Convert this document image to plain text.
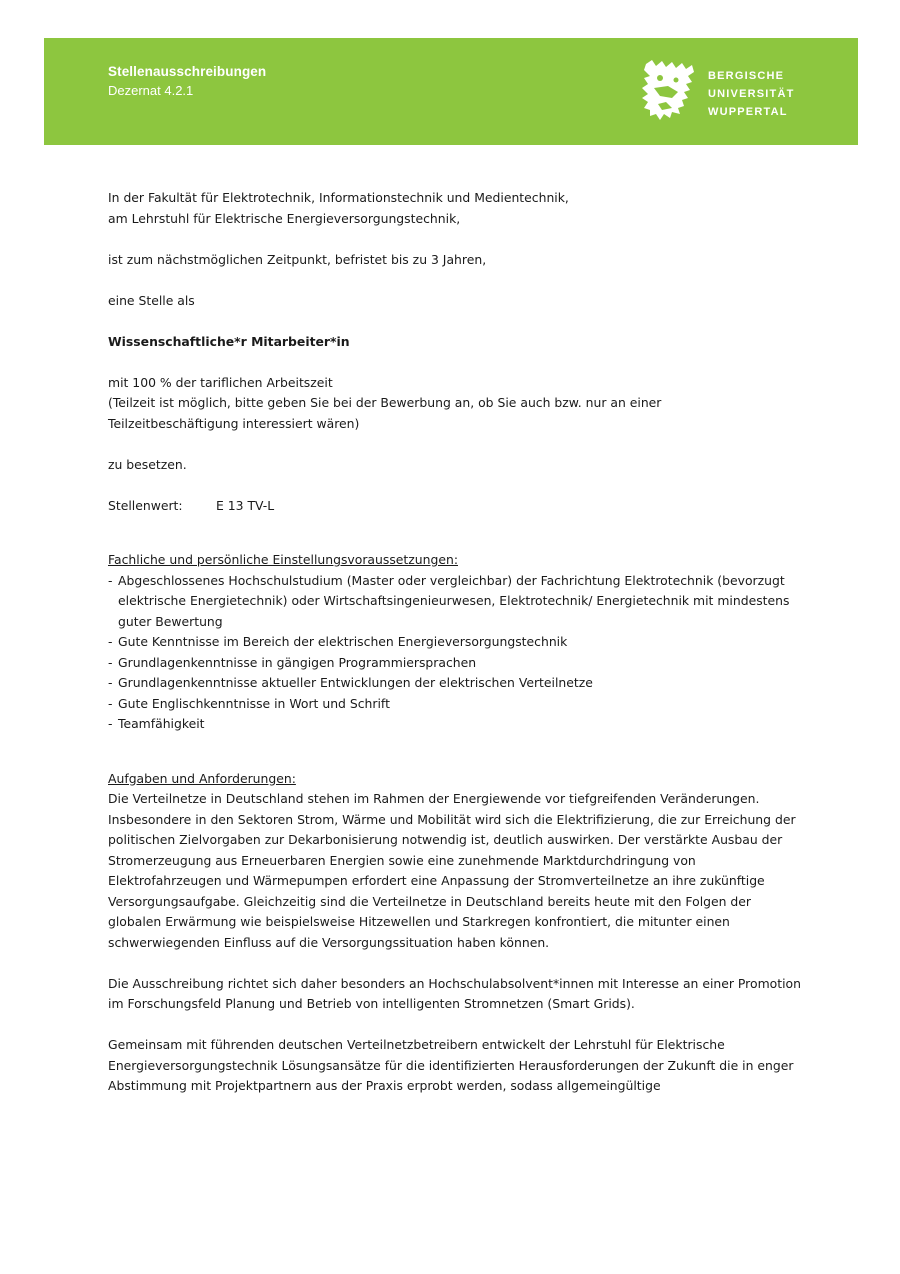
Stellenausschreibungen
Dezernat 4.2.1
BERGISCHE
UNIVERSITÄT
WUPPERTAL

In der Fakultät für Elektrotechnik, Informationstechnik und Medientechnik,

am Lehrstuhl für Elektrische Energieversorgungstechnik,

ist zum nächstmöglichen Zeitpunkt, befristet bis zu 3 Jahren,

eine Stelle als

Wissenschaftliche*r Mitarbeiter*in

mit 100 % der tariflichen Arbeitszeit

(Teilzeit ist möglich, bitte geben Sie bei der Bewerbung an, ob Sie auch bzw. nur an einer

Teilzeitbeschäftigung interessiert wären)

zu besetzen.

Stellenwert:	E 13 TV-L

Fachliche und persönliche Einstellungsvoraussetzungen:

- Abgeschlossenes Hochschulstudium (Master oder vergleichbar) der Fachrichtung Elektrotechnik (bevorzugt elektrische Energietechnik) oder Wirtschaftsingenieurwesen, Elektrotechnik/ Energietechnik mit mindestens guter Bewertung
- Gute Kenntnisse im Bereich der elektrischen Energieversorgungstechnik
- Grundlagenkenntnisse in gängigen Programmiersprachen
- Grundlagenkenntnisse aktueller Entwicklungen der elektrischen Verteilnetze
- Gute Englischkenntnisse in Wort und Schrift
- Teamfähigkeit

Aufgaben und Anforderungen:

Die Verteilnetze in Deutschland stehen im Rahmen der Energiewende vor tiefgreifenden Veränderungen. Insbesondere in den Sektoren Strom, Wärme und Mobilität wird sich die Elektrifizierung, die zur Erreichung der politischen Zielvorgaben zur Dekarbonisierung notwendig ist, deutlich auswirken. Der verstärkte Ausbau der Stromerzeugung aus Erneuerbaren Energien sowie eine zunehmende Marktdurchdringung von Elektrofahrzeugen und Wärmepumpen erfordert eine Anpassung der Stromverteilnetze an ihre zukünftige Versorgungsaufgabe. Gleichzeitig sind die Verteilnetze in Deutschland bereits heute mit den Folgen der globalen Erwärmung wie beispielsweise Hitzewellen und Starkregen konfrontiert, die mitunter einen schwerwiegenden Einfluss auf die Versorgungssituation haben können.

Die Ausschreibung richtet sich daher besonders an Hochschulabsolvent*innen mit Interesse an einer Promotion im Forschungsfeld Planung und Betrieb von intelligenten Stromnetzen (Smart Grids).

Gemeinsam mit führenden deutschen Verteilnetzbetreibern entwickelt der Lehrstuhl für Elektrische Energieversorgungstechnik Lösungsansätze für die identifizierten Herausforderungen der Zukunft die in enger Abstimmung mit Projektpartnern aus der Praxis erprobt werden, sodass allgemeingültige
